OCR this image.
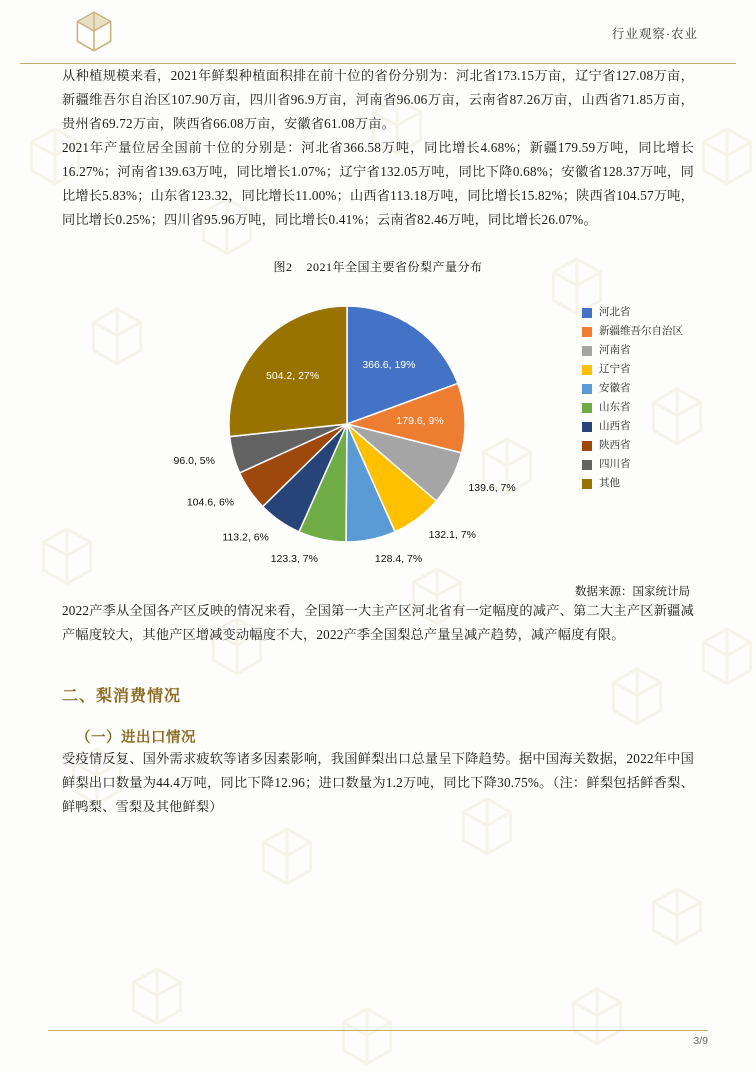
行业观察·农业

从种植规模来看，2021年鲜梨种植面积排在前十位的省份分别为：河北省173.15万亩，辽宁省127.08万亩，新疆维吾尔自治区107.90万亩，四川省96.9万亩，河南省96.06万亩，云南省87.26万亩，山西省71.85万亩，贵州省69.72万亩，陕西省66.08万亩，安徽省61.08万亩。

2021年产量位居全国前十位的分别是：河北省366.58万吨，同比增长4.68%；新疆179.59万吨，同比增长16.27%；河南省139.63万吨，同比增长1.07%；辽宁省132.05万吨，同比下降0.68%；安徽省128.37万吨，同比增长5.83%；山东省123.32，同比增长11.00%；山西省113.18万吨，同比增长15.82%；陕西省104.57万吨，同比增长0.25%；四川省95.96万吨，同比增长0.41%；云南省82.46万吨，同比增长26.07%。

图2 2021年全国主要省份梨产量分布
366.6, 19%
179.6, 9%
139.6, 7%
132.1, 7%
128.4, 7%
123.3, 7%
113.2, 6%
104.6, 6%
96.0, 5%
504.2, 27%
河北省
新疆维吾尔自治区
河南省
辽宁省
安徽省
山东省
山西省
陕西省
四川省
其他
数据来源：国家统计局

2022产季从全国各产区反映的情况来看，全国第一大主产区河北省有一定幅度的减产、第二大主产区新疆减产幅度较大，其他产区增减变动幅度不大，2022产季全国梨总产量呈减产趋势，减产幅度有限。

二、梨消费情况
（一）进出口情况

受疫情反复、国外需求疲软等诸多因素影响，我国鲜梨出口总量呈下降趋势。据中国海关数据，2022年中国鲜梨出口数量为44.4万吨，同比下降12.96；进口数量为1.2万吨，同比下降30.75%。（注：鲜梨包括鲜香梨、鲜鸭梨、雪梨及其他鲜梨）

3/9
